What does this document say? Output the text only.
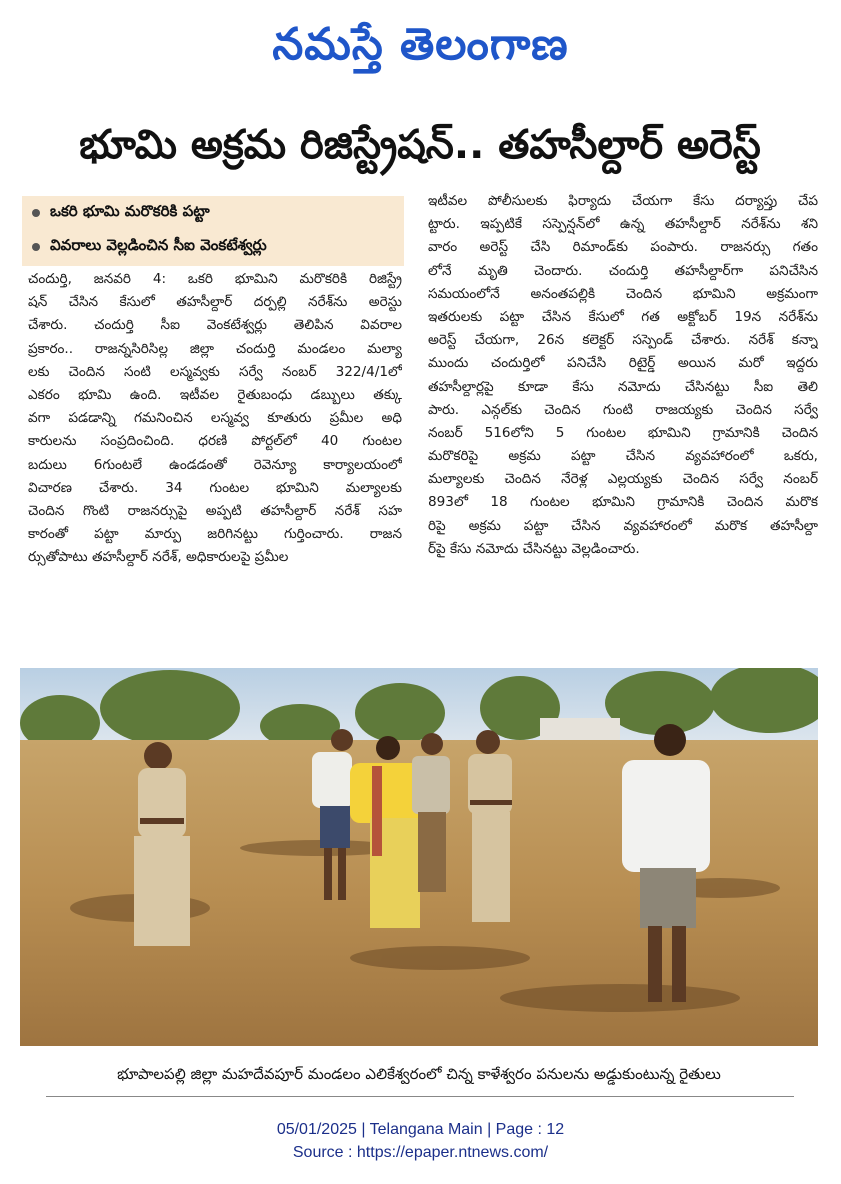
నమస్తే తెలంగాణ
భూమి అక్రమ రిజిస్ట్రేషన్.. తహసీల్దార్ అరెస్ట్
ఒకరి భూమి మరొకరికి పట్టా
వివరాలు వెల్లడించిన సీఐ వెంకటేశ్వర్లు
చందుర్తి, జనవరి 4: ఒకరి భూమిని మరొకరికి రిజిస్ట్రే
షన్ చేసిన కేసులో తహసీల్దార్ దర్పల్లి నరేశ్‌ను అరెస్టు
చేశారు. చందుర్తి సీఐ వెంకటేశ్వర్లు తెలిపిన వివరాల
ప్రకారం.. రాజన్నసిరిసిల్ల జిల్లా చందుర్తి మండలం మల్యా
లకు చెందిన సంటి లస్మవ్వకు సర్వే నంబర్ 322/4/1లో
ఎకరం భూమి ఉంది. ఇటీవల రైతుబంధు డబ్బులు తక్కు
వగా పడడాన్ని గమనించిన లస్మవ్వ కూతురు ప్రమీల అధి
కారులను సంప్రదించింది. ధరణి పోర్టల్‌లో 40 గుంటల
బదులు 6గుంటలే ఉండడంతో రెవెన్యూ కార్యాలయంలో
విచారణ చేశారు. 34 గుంటల భూమిని మల్యాలకు
చెందిన గొంటి రాజనర్సుపై అప్పటి తహసీల్దార్ నరేశ్ సహ
కారంతో పట్టా మార్పు జరిగినట్టు గుర్తించారు. రాజన
ర్సుతోపాటు తహసీల్దార్ నరేశ్, అధికారులపై ప్రమీల
ఇటీవల పోలీసులకు ఫిర్యాదు చేయగా కేసు దర్యాప్తు చేప
ట్టారు. ఇప్పటికే సస్పెన్షన్‌లో ఉన్న తహసీల్దార్ నరేశ్‌ను శని
వారం అరెస్ట్ చేసి రిమాండ్‌కు పంపారు. రాజనర్సు గతం
లోనే మృతి చెందారు. చందుర్తి తహసీల్దార్‌గా పనిచేసిన
సమయంలోనే అనంతపల్లికి చెందిన భూమిని అక్రమంగా
ఇతరులకు పట్టా చేసిన కేసులో గత అక్టోబర్ 19న నరేశ్‌ను
అరెస్ట్ చేయగా, 26న కలెక్టర్ సస్పెండ్ చేశారు. నరేశ్ కన్నా
ముందు చందుర్తిలో పనిచేసి రిటైర్డ్ అయిన మరో ఇద్దరు
తహసీల్దార్లపై కూడా కేసు నమోదు చేసినట్టు సీఐ తెలి
పారు. ఎన్గల్‌కు చెందిన గుంటి రాజయ్యకు చెందిన సర్వే
నంబర్ 516లోని 5 గుంటల భూమిని గ్రామానికి చెందిన
మరొకరిపై అక్రమ పట్టా చేసిన వ్యవహారంలో ఒకరు,
మల్యాలకు చెందిన నేరెళ్ల ఎల్లయ్యకు చెందిన సర్వే నంబర్
893లో 18 గుంటల భూమిని గ్రామానికి చెందిన మరొక
రిపై అక్రమ పట్టా చేసిన వ్యవహారంలో మరొక తహసీల్దా
ర్‌పై కేసు నమోదు చేసినట్టు వెల్లడించారు.
భూపాలపల్లి జిల్లా మహదేవపూర్ మండలం ఎలికేశ్వరంలో చిన్న కాళేశ్వరం పనులను అడ్డుకుంటున్న రైతులు
05/01/2025 | Telangana Main | Page : 12
Source : https://epaper.ntnews.com/
